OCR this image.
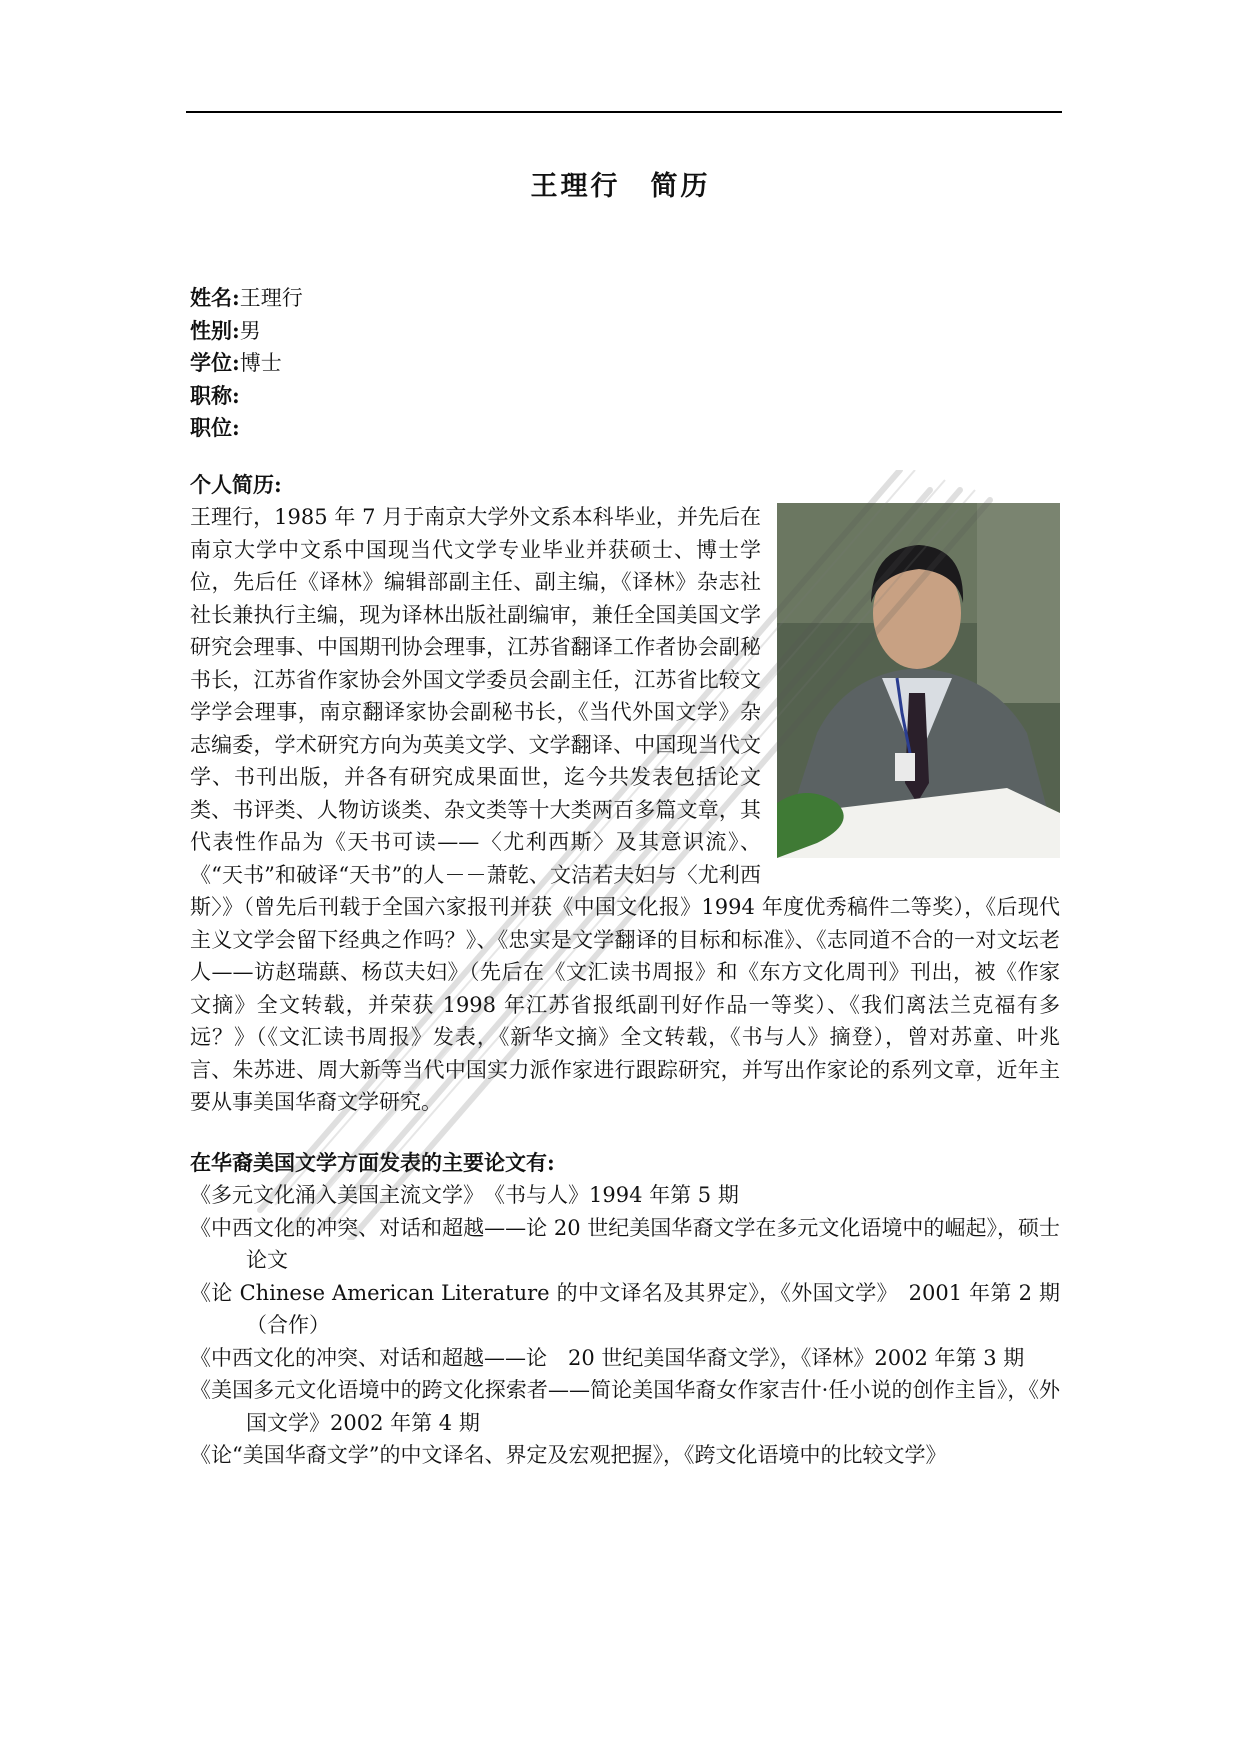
王理行　简历
姓名:王理行
性别:男
学位:博士
职称:
职位:
个人简历:
王理行，1985 年 7 月于南京大学外文系本科毕业，并先后在南京大学中文系中国现当代文学专业毕业并获硕士、博士学位，先后任《译林》编辑部副主任、副主编，《译林》杂志社社长兼执行主编，现为译林出版社副编审，兼任全国美国文学研究会理事、中国期刊协会理事，江苏省翻译工作者协会副秘书长，江苏省作家协会外国文学委员会副主任，江苏省比较文学学会理事，南京翻译家协会副秘书长，《当代外国文学》杂志编委，学术研究方向为英美文学、文学翻译、中国现当代文学、书刊出版，并各有研究成果面世，迄今共发表包括论文类、书评类、人物访谈类、杂文类等十大类两百多篇文章，其代表性作品为《天书可读——〈尤利西斯〉及其意识流》、《“天书”和破译“天书”的人－－萧乾、文洁若夫妇与〈尤利西斯〉》（曾先后刊载于全国六家报刊并获《中国文化报》1994 年度优秀稿件二等奖），《后现代主义文学会留下经典之作吗？》、《忠实是文学翻译的目标和标准》、《志同道不合的一对文坛老人——访赵瑞蕻、杨苡夫妇》（先后在《文汇读书周报》和《东方文化周刊》刊出，被《作家文摘》全文转载，并荣获 1998 年江苏省报纸副刊好作品一等奖）、《我们离法兰克福有多远？》（《文汇读书周报》发表，《新华文摘》全文转载，《书与人》摘登），曾对苏童、叶兆言、朱苏进、周大新等当代中国实力派作家进行跟踪研究，并写出作家论的系列文章，近年主要从事美国华裔文学研究。
在华裔美国文学方面发表的主要论文有:
《多元文化涌入美国主流文学》　《书与人》1994 年第 5 期
《中西文化的冲突、对话和超越——论 20 世纪美国华裔文学在多元文化语境中的崛起》，硕士论文
《论 Chinese American Literature 的中文译名及其界定》，《外国文学》　2001 年第 2 期（合作）
《中西文化的冲突、对话和超越——论　20 世纪美国华裔文学》，《译林》2002 年第 3 期
《美国多元文化语境中的跨文化探索者——简论美国华裔女作家吉什·任小说的创作主旨》，《外国文学》2002 年第 4 期
《论“美国华裔文学”的中文译名、界定及宏观把握》，《跨文化语境中的比较文学》
